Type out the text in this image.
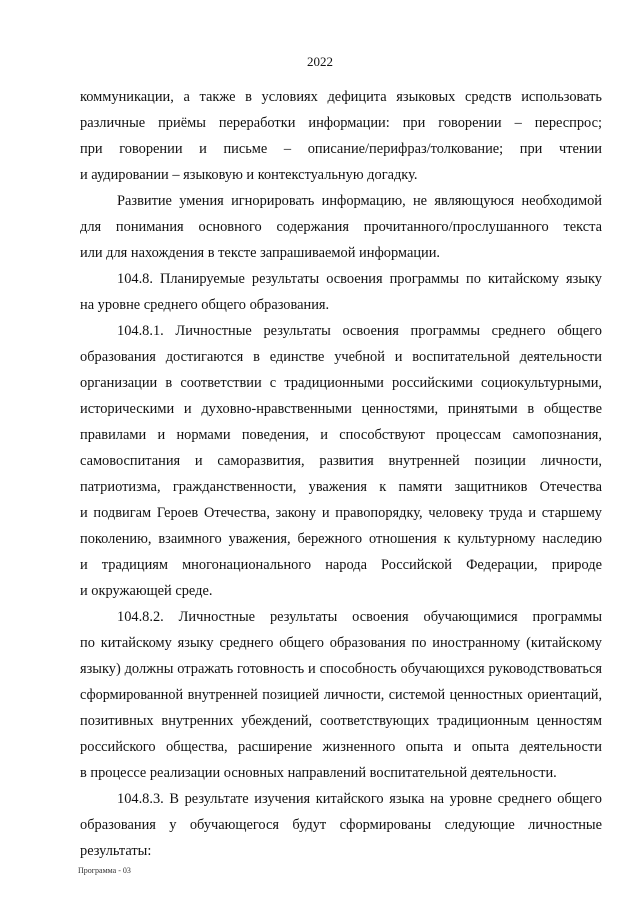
2022
коммуникации, а также в условиях дефицита языковых средств использовать
различные приёмы переработки информации: при говорении – переспрос;
при говорении и письме – описание/перифраз/толкование; при чтении
и аудировании – языковую и контекстуальную догадку.
Развитие умения игнорировать информацию, не являющуюся необходимой
для понимания основного содержания прочитанного/прослушанного текста
или для нахождения в тексте запрашиваемой информации.
104.8. Планируемые результаты освоения программы по китайскому языку
на уровне среднего общего образования.
104.8.1. Личностные результаты освоения программы среднего общего
образования достигаются в единстве учебной и воспитательной деятельности
организации в соответствии с традиционными российскими социокультурными,
историческими и духовно-нравственными ценностями, принятыми в обществе
правилами и нормами поведения, и способствуют процессам самопознания,
самовоспитания и саморазвития, развития внутренней позиции личности,
патриотизма, гражданственности, уважения к памяти защитников Отечества
и подвигам Героев Отечества, закону и правопорядку, человеку труда и старшему
поколению, взаимного уважения, бережного отношения к культурному наследию
и традициям многонационального народа Российской Федерации, природе
и окружающей среде.
104.8.2. Личностные результаты освоения обучающимися программы
по китайскому языку среднего общего образования по иностранному (китайскому
языку) должны отражать готовность и способность обучающихся руководствоваться
сформированной внутренней позицией личности, системой ценностных ориентаций,
позитивных внутренних убеждений, соответствующих традиционным ценностям
российского общества, расширение жизненного опыта и опыта деятельности
в процессе реализации основных направлений воспитательной деятельности.
104.8.3. В результате изучения китайского языка на уровне среднего общего
образования у обучающегося будут сформированы следующие личностные
результаты:
Программа - 03
